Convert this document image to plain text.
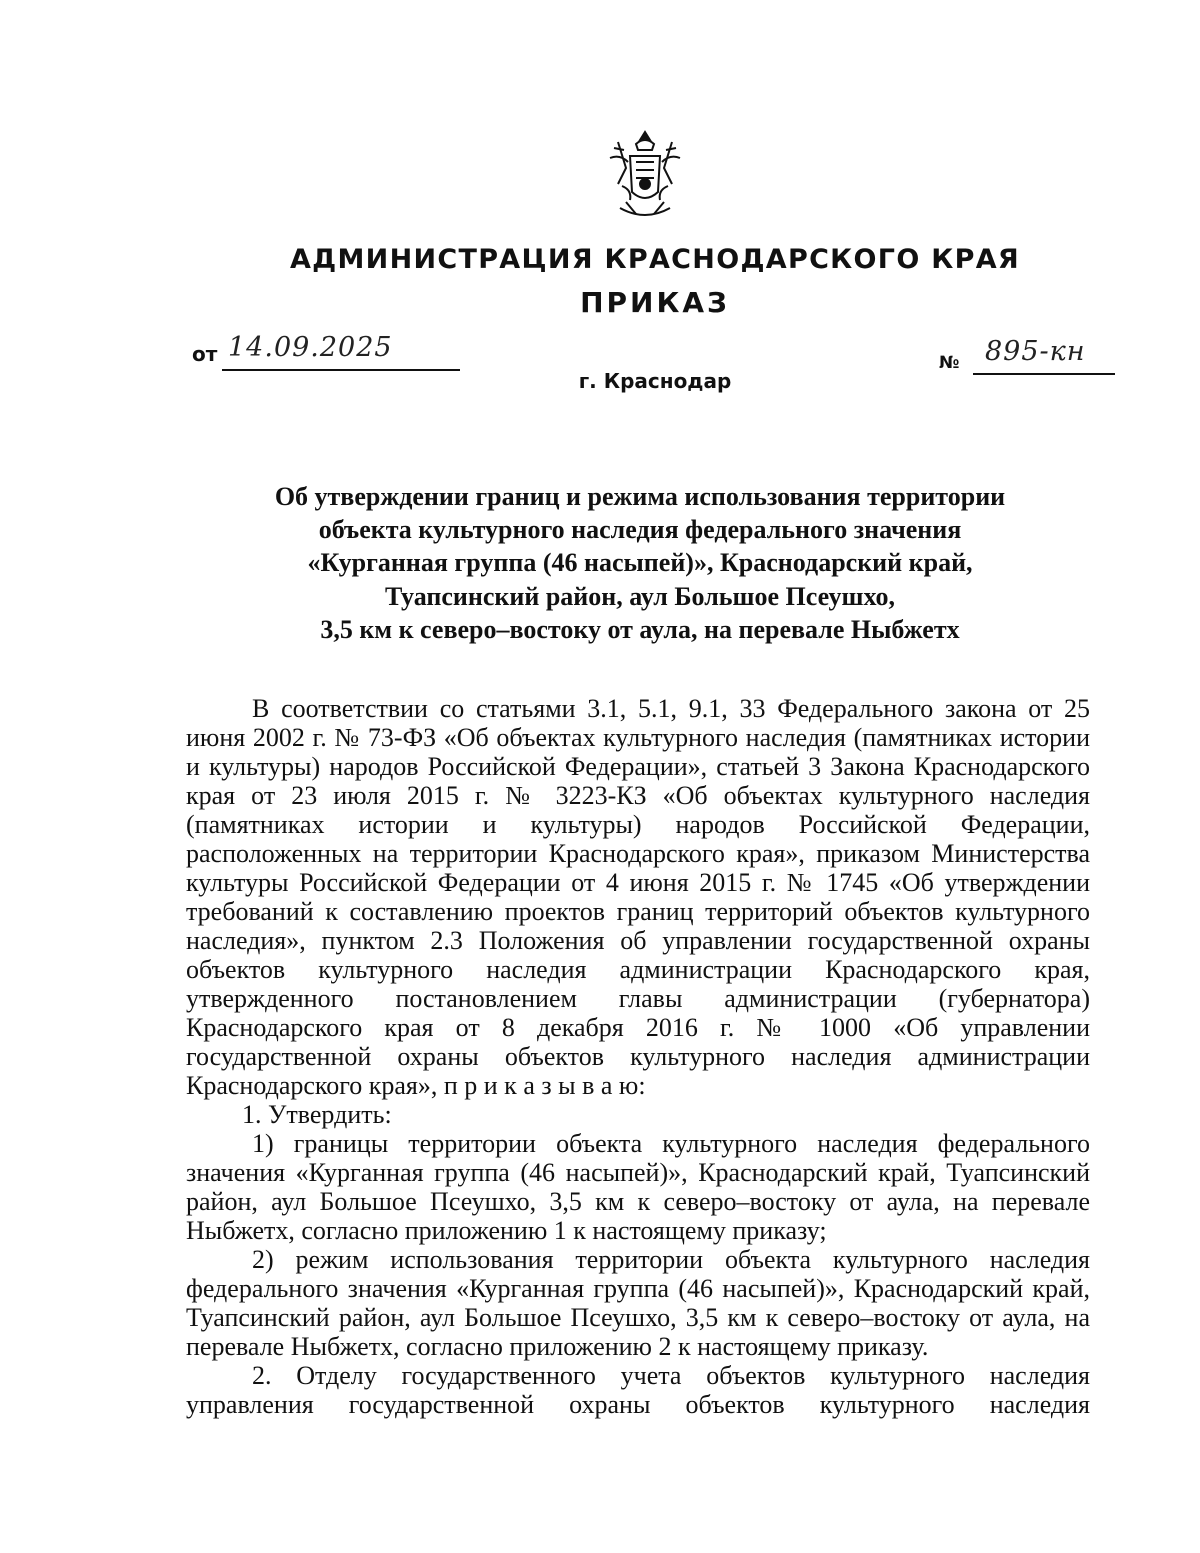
АДМИНИСТРАЦИЯ КРАСНОДАРСКОГО КРАЯ
ПРИКАЗ
от 14.09.2025	№ 895-кн
г. Краснодар
Об утверждении границ и режима использования территории
объекта культурного наследия федерального значения
«Курганная группа (46 насыпей)», Краснодарский край,
Туапсинский район, аул Большое Псеушхо,
3,5 км к северо–востоку от аула, на перевале Ныбжетх

В соответствии со статьями 3.1, 5.1, 9.1, 33 Федерального закона от 25 июня 2002 г. № 73-ФЗ «Об объектах культурного наследия (памятниках истории и культуры) народов Российской Федерации», статьей 3 Закона Краснодарского края от 23 июля 2015 г. № 3223-КЗ «Об объектах культурного наследия (памятниках истории и культуры) народов Российской Федерации, расположенных на территории Краснодарского края», приказом Министерства культуры Российской Федерации от 4 июня 2015 г. № 1745 «Об утверждении требований к составлению проектов границ территорий объектов культурного наследия», пунктом 2.3 Положения об управлении государственной охраны объектов культурного наследия администрации Краснодарского края, утвержденного постановлением главы администрации (губернатора) Краснодарского края от 8 декабря 2016 г. № 1000 «Об управлении государственной охраны объектов культурного наследия администрации Краснодарского края», п р и к а з ы в а ю:

1. Утвердить:

1) границы территории объекта культурного наследия федерального значения «Курганная группа (46 насыпей)», Краснодарский край, Туапсинский район, аул Большое Псеушхо, 3,5 км к северо–востоку от аула, на перевале Ныбжетх, согласно приложению 1 к настоящему приказу;

2) режим использования территории объекта культурного наследия федерального значения «Курганная группа (46 насыпей)», Краснодарский край, Туапсинский район, аул Большое Псеушхо, 3,5 км к северо–востоку от аула, на перевале Ныбжетх, согласно приложению 2 к настоящему приказу.

2. Отделу государственного учета объектов культурного наследия управления государственной охраны объектов культурного наследия
